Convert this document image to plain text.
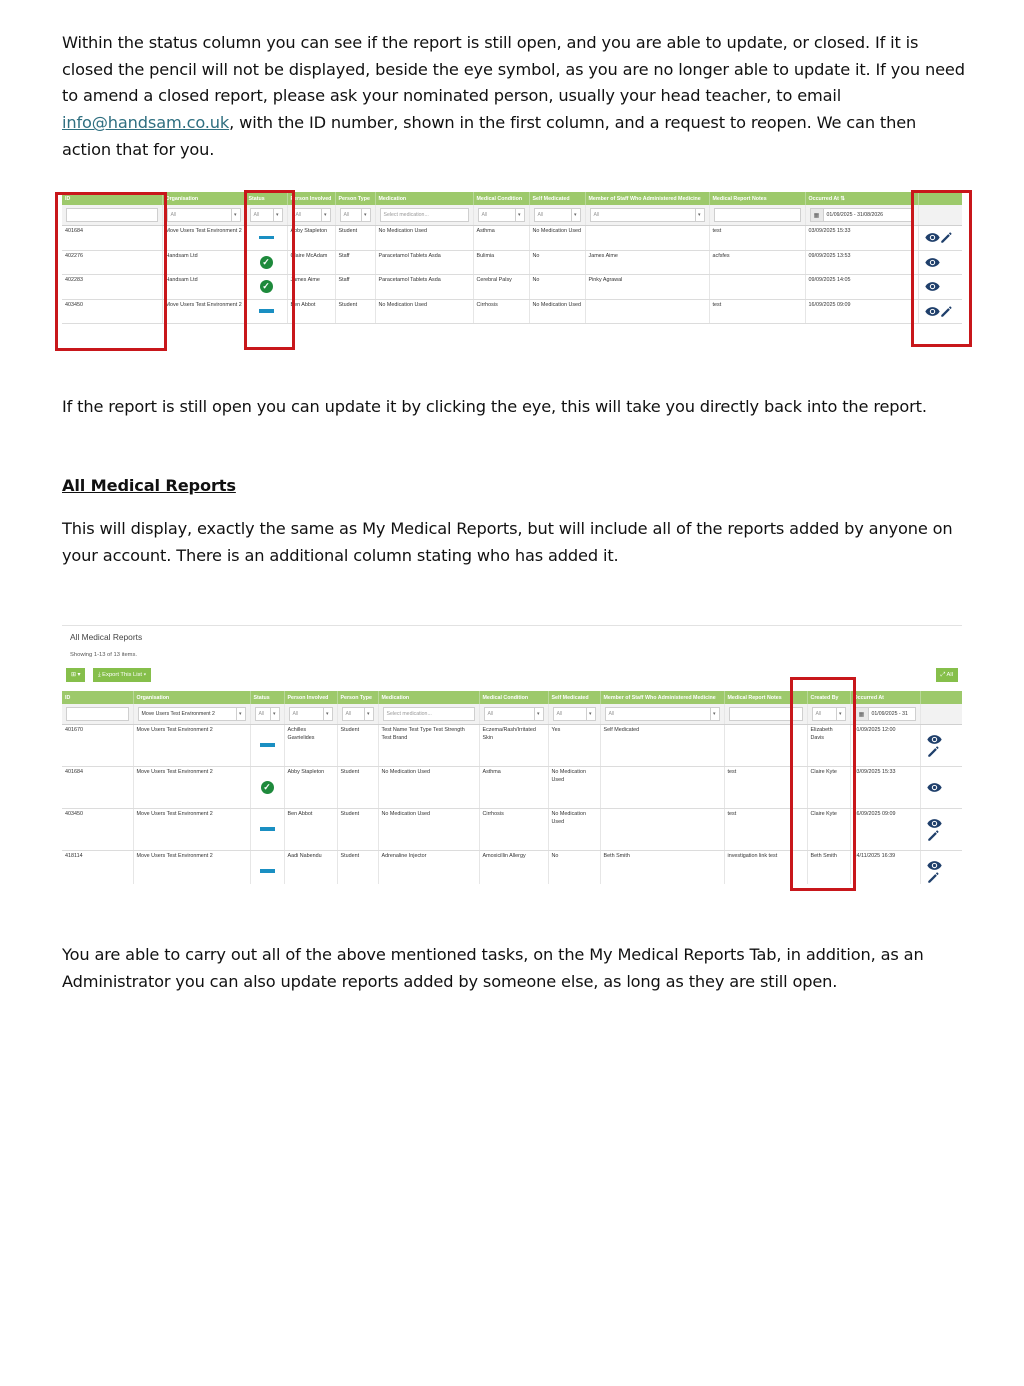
Within the status column you can see if the report is still open, and you are able to update, or closed. If it is closed the pencil will not be displayed, beside the eye symbol, as you are no longer able to update it. If you need to amend a closed report, please ask your nominated person, usually your head teacher, to email info@handsam.co.uk, with the ID number, shown in the first column, and a request to reopen. We can then action that for you.

ID	Organisation	Status	Person Involved	Person Type	Medication	Medical Condition	Self Medicated	Member of Staff Who Administered Medicine	Medical Report Notes	Occurred At ⇅	

	All ▾	All ▾	All ▾	All ▾	Select medication...	All ▾	All ▾	All ▾		▦ 01/09/2025 - 31/08/2026	

401684	Move Users Test Environment 2		Abby Stapleton	Student	No Medication Used	Asthma	No Medication Used		test	03/09/2025 15:33	
402276	Handsam Ltd	✓	Claire McAdam	Staff	Paracetamol Tablets Asda	Bulimia	No	James Aime	acfsfes	09/09/2025 13:53	
402283	Handsam Ltd	✓	James Aime	Staff	Paracetamol Tablets Asda	Cerebral Palsy	No	Pinky Agrawal		09/09/2025 14:05	
403450	Move Users Test Environment 2		Ben Abbot	Student	No Medication Used	Cirrhosis	No Medication Used		test	16/09/2025 09:09	

If the report is still open you can update it by clicking the eye, this will take you directly back into the report.

All Medical Reports

This will display, exactly the same as My Medical Reports, but will include all of the reports added by anyone on your account. There is an additional column stating who has added it.

All Medical Reports
Showing 1-13 of 13 items.
⊞ ▾	⤓ Export This List ▾	⤢ All
ID	Organisation	Status	Person Involved	Person Type	Medication	Medical Condition	Self Medicated	Member of Staff Who Administered Medicine	Medical Report Notes	Created By	Occurred At	

	Move Users Test Environment 2 ▾	All ▾	All ▾	All ▾	Select medication...	All ▾	All ▾	All ▾		All ▾	▦ 01/09/2025 - 31	

401670	Move Users Test Environment 2		Achilles Gavrielides	Student	Test Name Test Type Test Strength Test Brand	Eczema/Rash/Irritated Skin	Yes	Self Medicated		Elizabeth Davis	01/09/2025 12:00	

401684	Move Users Test Environment 2	✓	Abby Stapleton	Student	No Medication Used	Asthma	No Medication Used		test	Claire Kyte	03/09/2025 15:33	
403450	Move Users Test Environment 2		Ben Abbot	Student	No Medication Used	Cirrhosis	No Medication Used		test	Claire Kyte	16/09/2025 09:09	

418114	Move Users Test Environment 2		Aadi Nabendu	Student	Adrenaline Injector	Amoxicillin Allergy	No	Beth Smith	investigation link test	Beth Smith	24/11/2025 16:39	

You are able to carry out all of the above mentioned tasks, on the My Medical Reports Tab, in addition, as an Administrator you can also update reports added by someone else, as long as they are still open.
